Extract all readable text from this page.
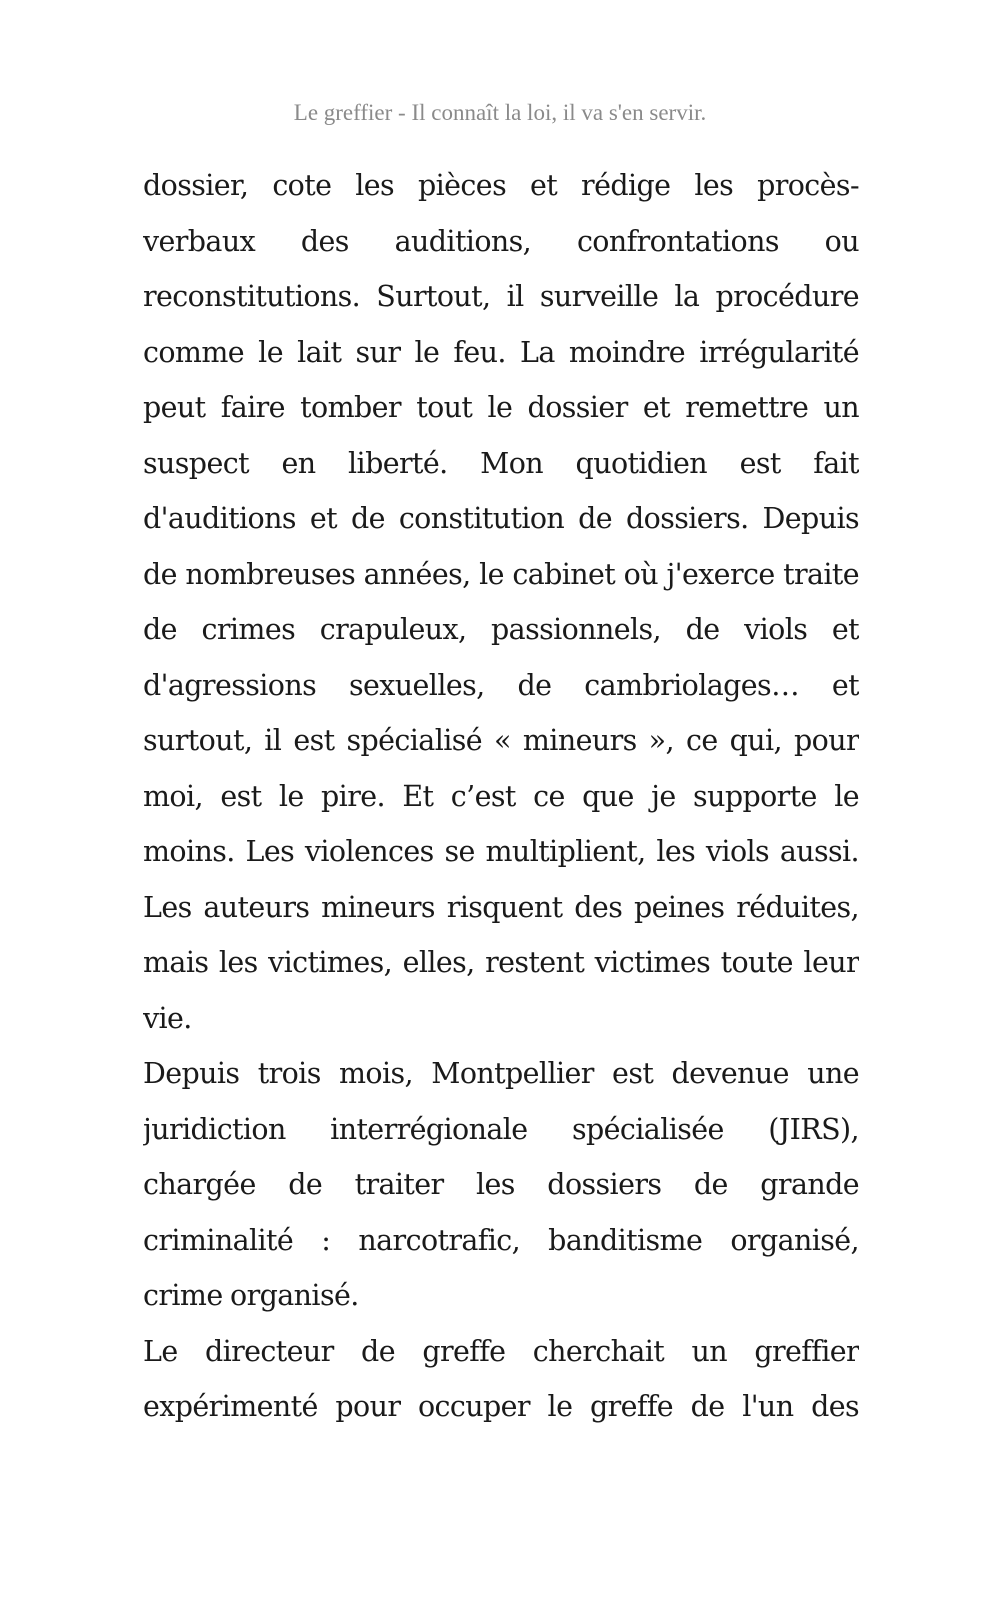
Le greffier - Il connaît la loi, il va s'en servir.
dossier, cote les pièces et rédige les procès-
verbaux des auditions, confrontations ou
reconstitutions. Surtout, il surveille la procédure
comme le lait sur le feu. La moindre irrégularité
peut faire tomber tout le dossier et remettre un
suspect en liberté. Mon quotidien est fait
d'auditions et de constitution de dossiers. Depuis
de nombreuses années, le cabinet où j'exerce traite
de crimes crapuleux, passionnels, de viols et
d'agressions sexuelles, de cambriolages… et
surtout, il est spécialisé « mineurs », ce qui, pour
moi, est le pire. Et c’est ce que je supporte le
moins. Les violences se multiplient, les viols aussi.
Les auteurs mineurs risquent des peines réduites,
mais les victimes, elles, restent victimes toute leur
vie.
Depuis trois mois, Montpellier est devenue une
juridiction interrégionale spécialisée (JIRS),
chargée de traiter les dossiers de grande
criminalité : narcotrafic, banditisme organisé,
crime organisé.
Le directeur de greffe cherchait un greffier
expérimenté pour occuper le greffe de l'un des
